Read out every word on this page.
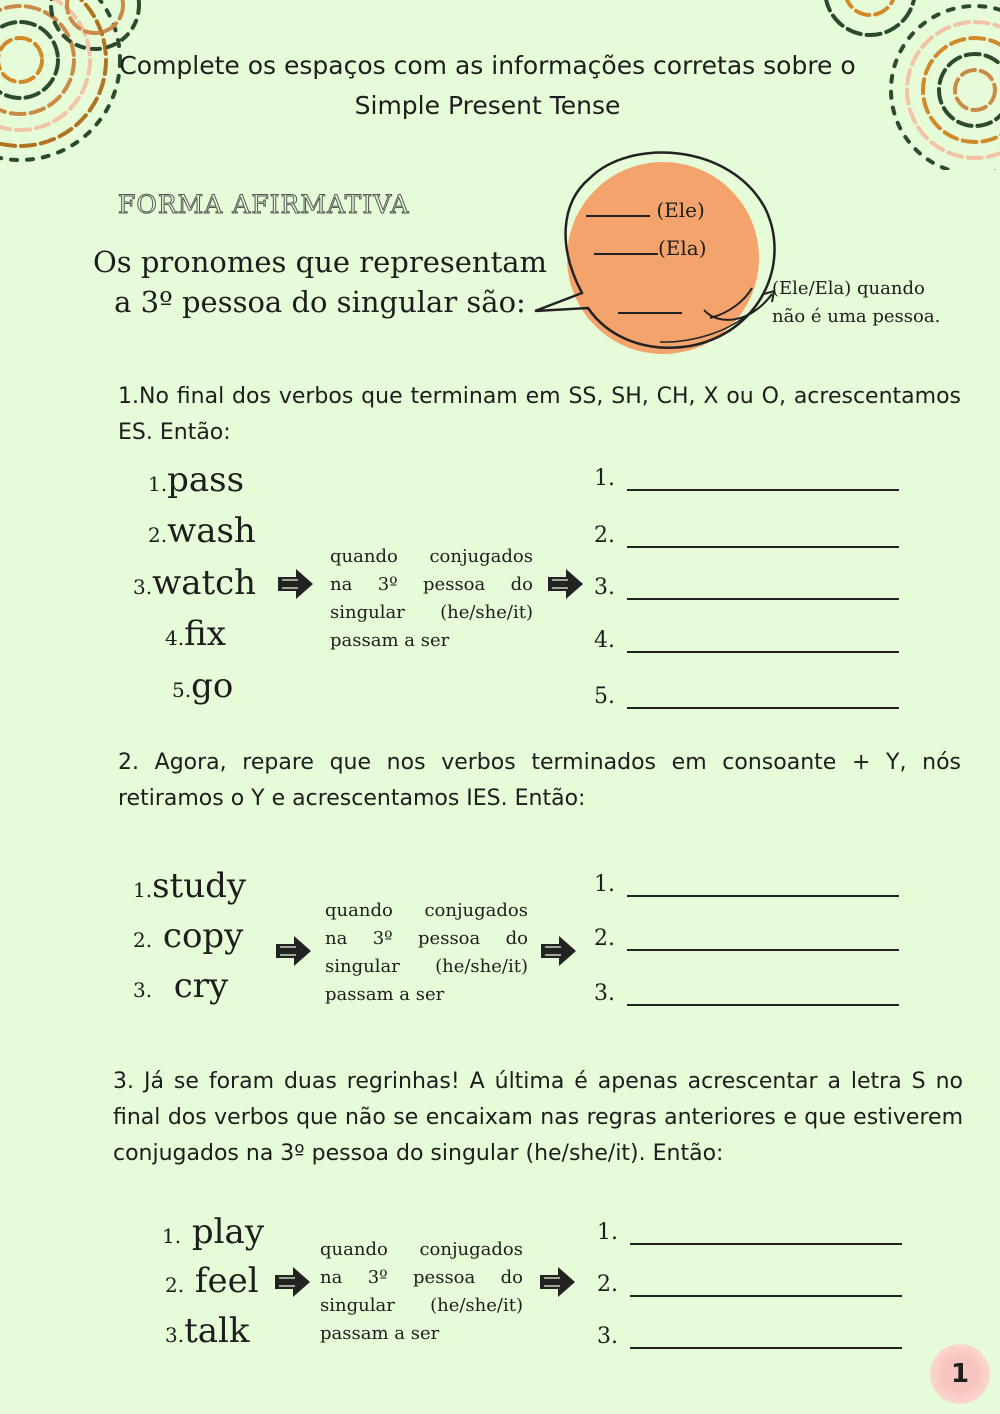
Complete os espaços com as informações corretas sobre o
Simple Present Tense
FORMA AFIRMATIVA
Os pronomes que representam
a 3º pessoa do singular são:
(Ele)
(Ela)
(Ele/Ela) quando
não é uma pessoa.
1.No final dos verbos que terminam em SS, SH, CH, X ou O, acrescentamos ES. Então:
1.pass
2.wash
3.watch
4.fix
5.go
quando conjugados
na 3º pessoa do
singular (he/she/it)
passam a ser
1.
2.
3.
4.
5.
2. Agora, repare que nos verbos terminados em consoante + Y, nós retiramos o Y e acrescentamos IES. Então:
1.study
2. copy
3. cry
quando conjugados
na 3º pessoa do
singular (he/she/it)
passam a ser
1.
2.
3.
3. Já se foram duas regrinhas! A última é apenas acrescentar a letra S no final dos verbos que não se encaixam nas regras anteriores e que estiverem conjugados na 3º pessoa do singular (he/she/it). Então:
1. play
2. feel
3.talk
quando conjugados
na 3º pessoa do
singular (he/she/it)
passam a ser
1.
2.
3.
1
